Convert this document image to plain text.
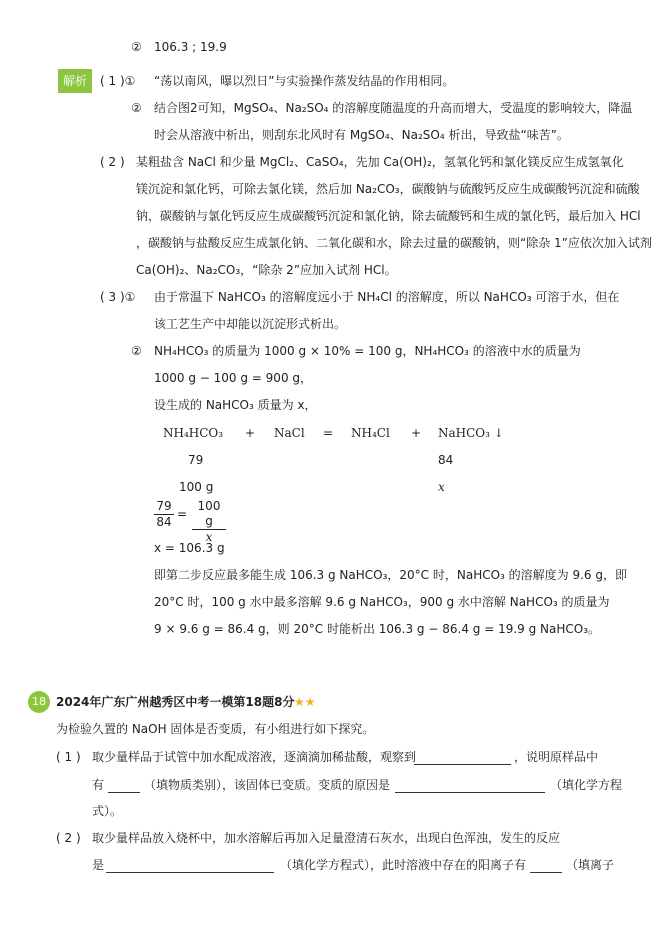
② 106.3 ; 19.9
解析	( 1 )① “荡以南风，曝以烈日”与实验操作蒸发结晶的作用相同。
② 结合图2可知，MgSO₄、Na₂SO₄ 的溶解度随温度的升高而增大，受温度的影响较大，降温
时会从溶液中析出，则刮东北风时有 MgSO₄、Na₂SO₄ 析出，导致盐“味苦”。
( 2 ) 某粗盐含 NaCl 和少量 MgCl₂、CaSO₄，先加 Ca(OH)₂，氢氧化钙和氯化镁反应生成氢氧化
镁沉淀和氯化钙，可除去氯化镁，然后加 Na₂CO₃，碳酸钠与硫酸钙反应生成碳酸钙沉淀和硫酸
钠，碳酸钠与氯化钙反应生成碳酸钙沉淀和氯化钠，除去硫酸钙和生成的氯化钙，最后加入 HCl
，碳酸钠与盐酸反应生成氯化钠、二氧化碳和水，除去过量的碳酸钠，则“除杂 1”应依次加入试剂
Ca(OH)₂、Na₂CO₃，“除杂 2”应加入试剂 HCl。
( 3 )① 由于常温下 NaHCO₃ 的溶解度远小于 NH₄Cl 的溶解度，所以 NaHCO₃ 可溶于水，但在
该工艺生产中却能以沉淀形式析出。
② NH₄HCO₃ 的质量为 1000 g × 10% = 100 g，NH₄HCO₃ 的溶液中水的质量为
1000 g − 100 g = 900 g，
设生成的 NaHCO₃ 质量为 x，
NH₄HCO₃ + NaCl = NH₄Cl + NaHCO₃ ↓
79	84
100 g	x
$\frac{79}{84} = \frac{100 g}{x}$
x = 106.3 g
即第二步反应最多能生成 106.3 g NaHCO₃，20°C 时，NaHCO₃ 的溶解度为 9.6 g，即
20°C 时，100 g 水中最多溶解 9.6 g NaHCO₃，900 g 水中溶解 NaHCO₃ 的质量为
9 × 9.6 g = 86.4 g，则 20°C 时能析出 106.3 g − 86.4 g = 19.9 g NaHCO₃。
18 2024年广东广州越秀区中考一模第18题8分 ★★
为检验久置的 NaOH 固体是否变质，有小组进行如下探究。
( 1 ) 取少量样品于试管中加水配成溶液，逐滴滴加稀盐酸，观察到	，说明原样品中
有	（填物质类别），该固体已变质。变质的原因是	（填化学方程
式）。
( 2 ) 取少量样品放入烧杯中，加水溶解后再加入足量澄清石灰水，出现白色浑浊，发生的反应
是	（填化学方程式），此时溶液中存在的阳离子有	（填离子
